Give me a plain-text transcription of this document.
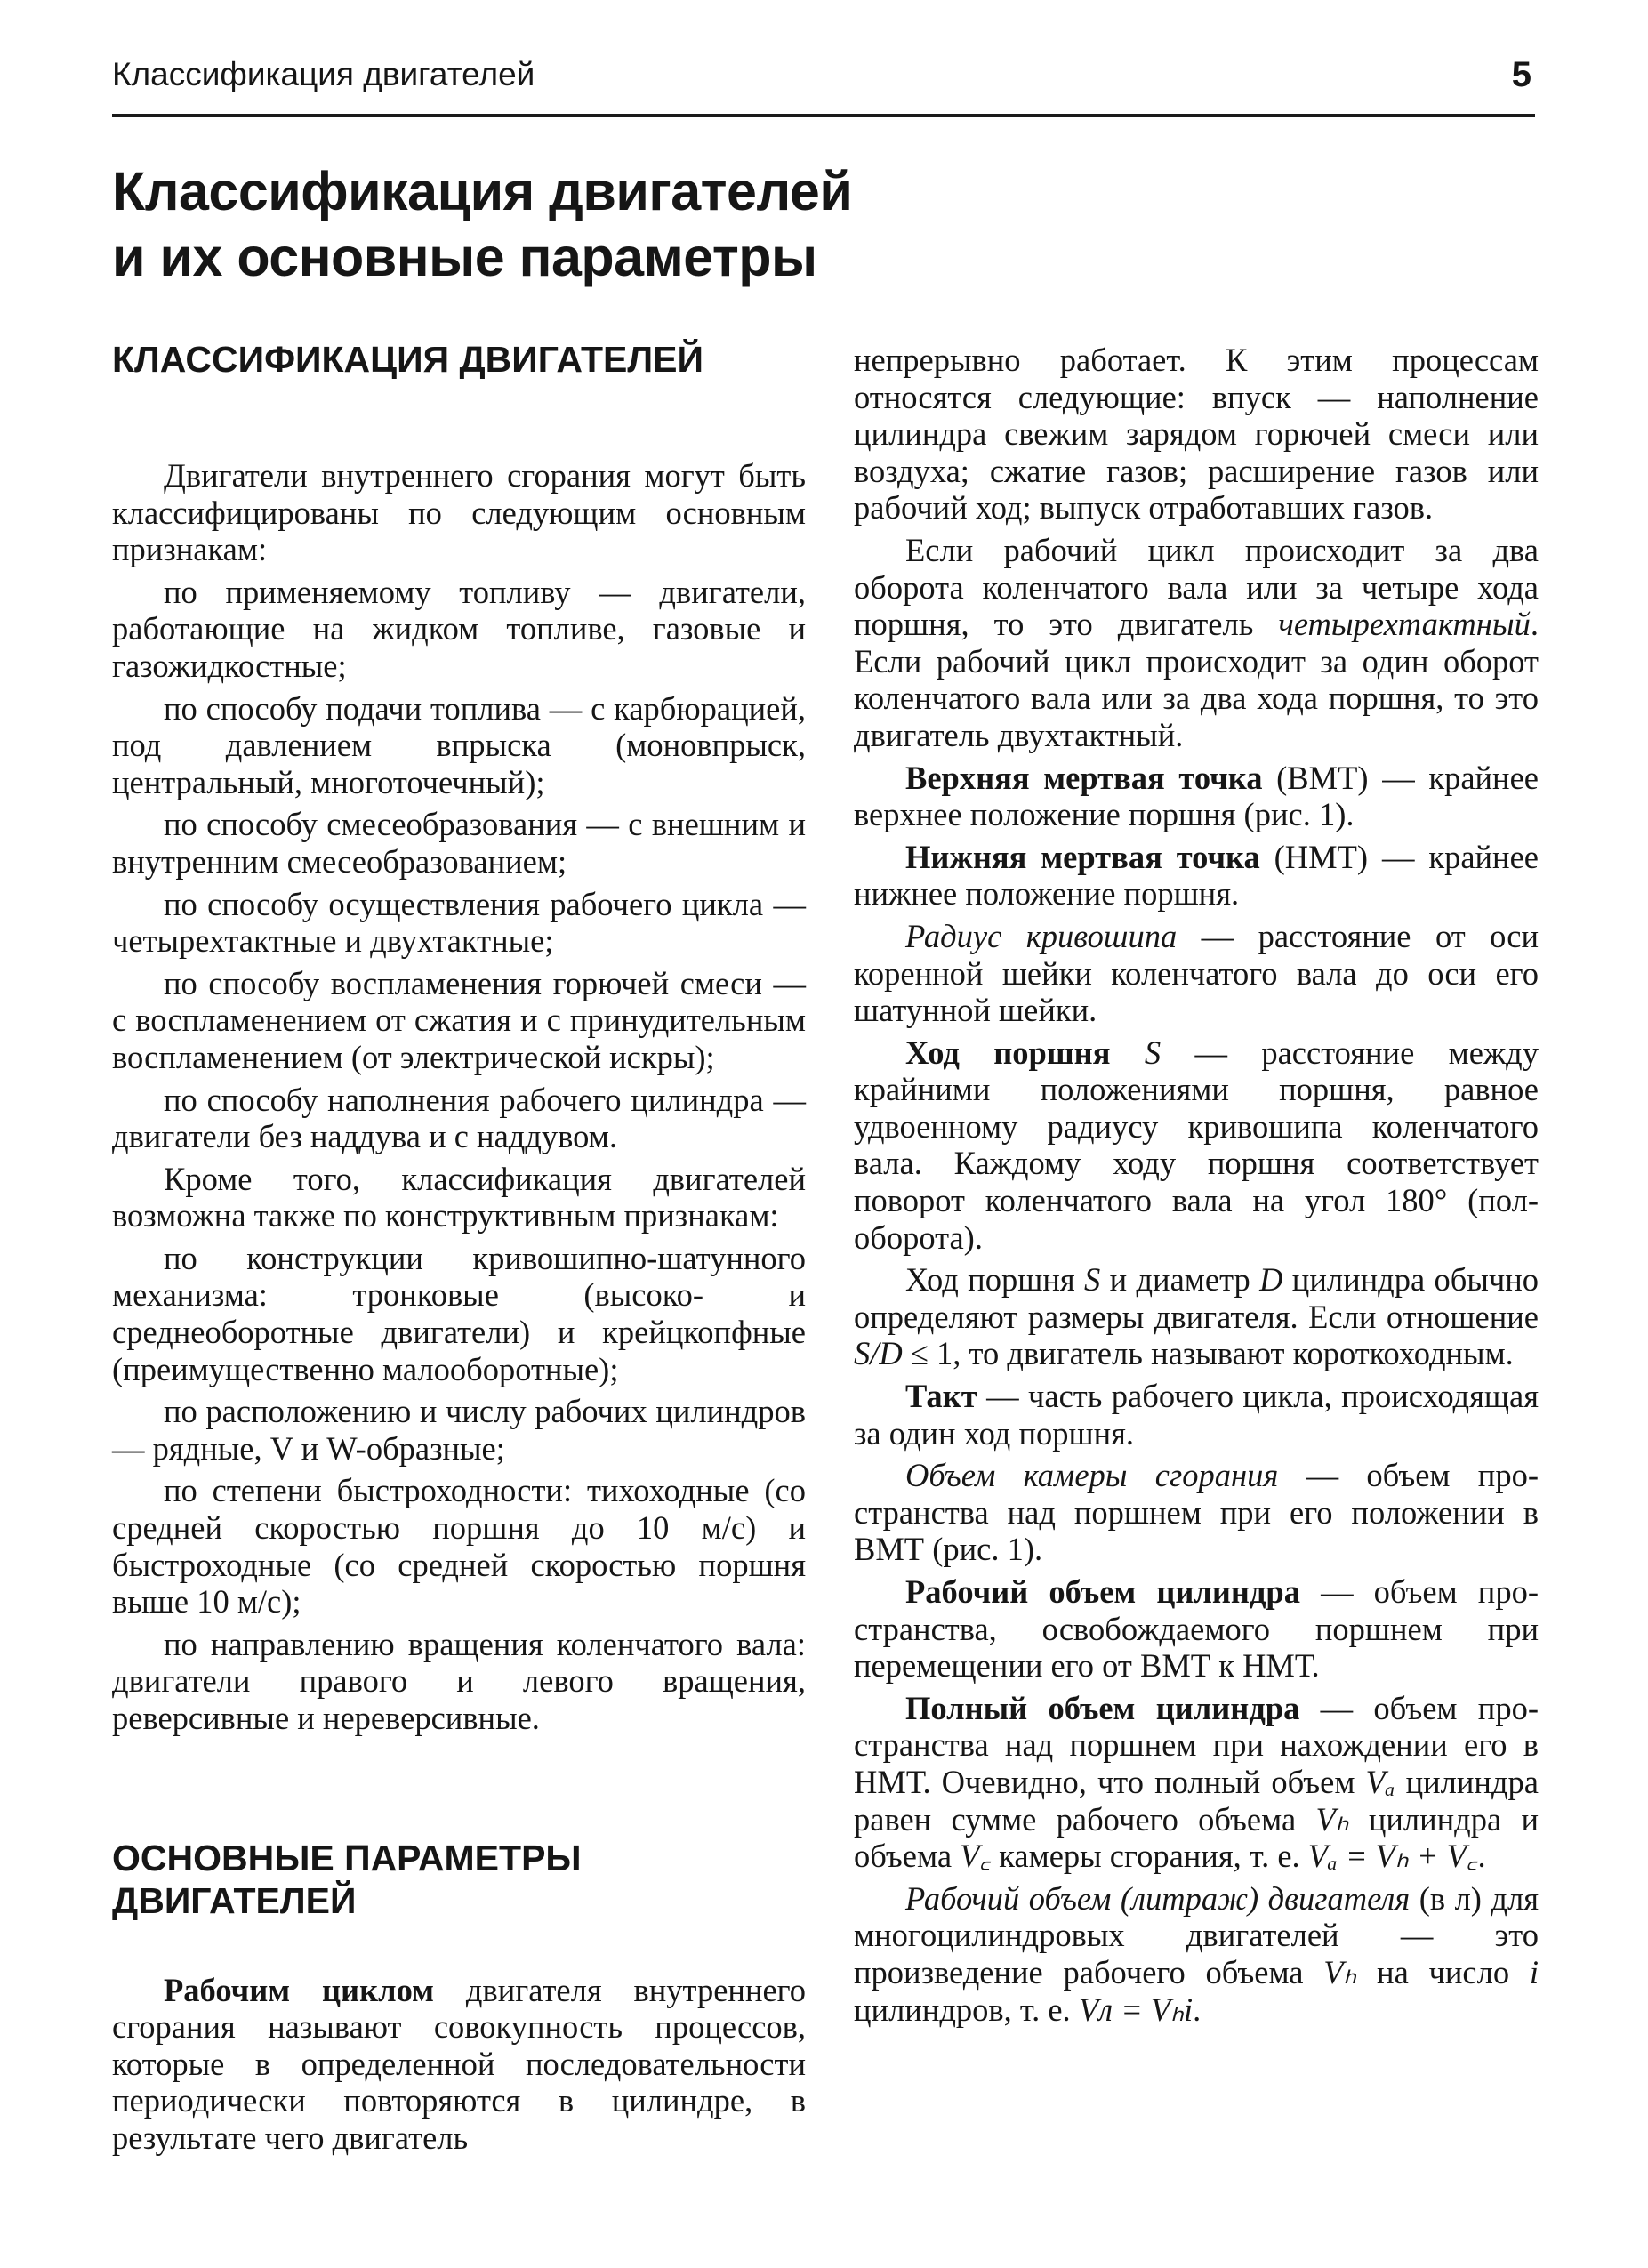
Классификация двигателей	5
Классификация двигателей
и их основные параметры
КЛАССИФИКАЦИЯ ДВИГАТЕЛЕЙ

Двигатели внутреннего сгорания могут быть классифицированы по следующим основным признакам:

по применяемому топливу — двигатели, работающие на жидком топливе, газовые и газожидкостные;

по способу подачи топлива — с карбюрацией, под давлением впрыска (моновпрыск, центральный, многоточечный);

по способу смесеобразования — с внешним и внутренним смесеобразованием;

по способу осуществления рабочего цикла — четырехтактные и двухтактные;

по способу воспламенения горючей смеси — с воспламенением от сжатия и с принудительным воспламенением (от электрической искры);

по способу наполнения рабочего цилиндра — двигатели без наддува и с наддувом.

Кроме того, классификация двигателей возможна также по конструктивным признакам:

по конструкции кривошипно-шатунного механизма: тронковые (высоко- и среднеоборотные двигатели) и крейцкопфные (преимущественно малооборотные);

по расположению и числу рабочих цилиндров — рядные, V и W-образные;

по степени быстроходности: тихоходные (со средней скоростью поршня до 10 м/с) и быстроходные (со средней скоростью поршня выше 10 м/с);

по направлению вращения коленчатого вала: двигатели правого и левого вращения, реверсивные и нереверсивные.

ОСНОВНЫЕ ПАРАМЕТРЫ
ДВИГАТЕЛЕЙ

Рабочим циклом двигателя внутреннего сгорания называют совокупность процессов, которые в определенной последовательности периодически повторяются в цилиндре, в результате чего двигатель

непрерывно работает. К этим процессам относятся следующие: впуск — наполнение цилиндра свежим зарядом горючей смеси или воздуха; сжатие газов; расширение газов или рабочий ход; выпуск отработавших газов.

Если рабочий цикл происходит за два оборота коленчатого вала или за четыре хода поршня, то это двигатель четырехтактный. Если рабочий цикл происходит за один оборот коленчатого вала или за два хода поршня, то это двигатель двухтактный.

Верхняя мертвая точка (ВМТ) — крайнее верхнее положение поршня (рис. 1).

Нижняя мертвая точка (НМТ) — крайнее нижнее положение поршня.

Радиус кривошипа — расстояние от оси коренной шейки коленчатого вала до оси его шатунной шейки.

Ход поршня S — расстояние между крайними положениями поршня, равное удвоенному радиусу кривошипа коленчатого вала. Каждому ходу поршня соответствует поворот коленчатого вала на угол 180° (пол-оборота).

Ход поршня S и диаметр D цилиндра обычно определяют размеры двигателя. Если отношение S/D ≤ 1, то двигатель называют короткоходным.

Такт — часть рабочего цикла, происходящая за один ход поршня.

Объем камеры сгорания — объем пространства над поршнем при его положении в ВМТ (рис. 1).

Рабочий объем цилиндра — объем пространства, освобождаемого поршнем при перемещении его от ВМТ к НМТ.

Полный объем цилиндра — объем пространства над поршнем при нахождении его в НМТ. Очевидно, что полный объем Vₐ цилиндра равен сумме рабочего объема Vₕ цилиндра и объема V꜀ камеры сгорания, т. е. Vₐ = Vₕ + V꜀.

Рабочий объем (литраж) двигателя (в л) для многоцилиндровых двигателей — это произведение рабочего объема Vₕ на число i цилиндров, т. е. Vл = Vₕi.
